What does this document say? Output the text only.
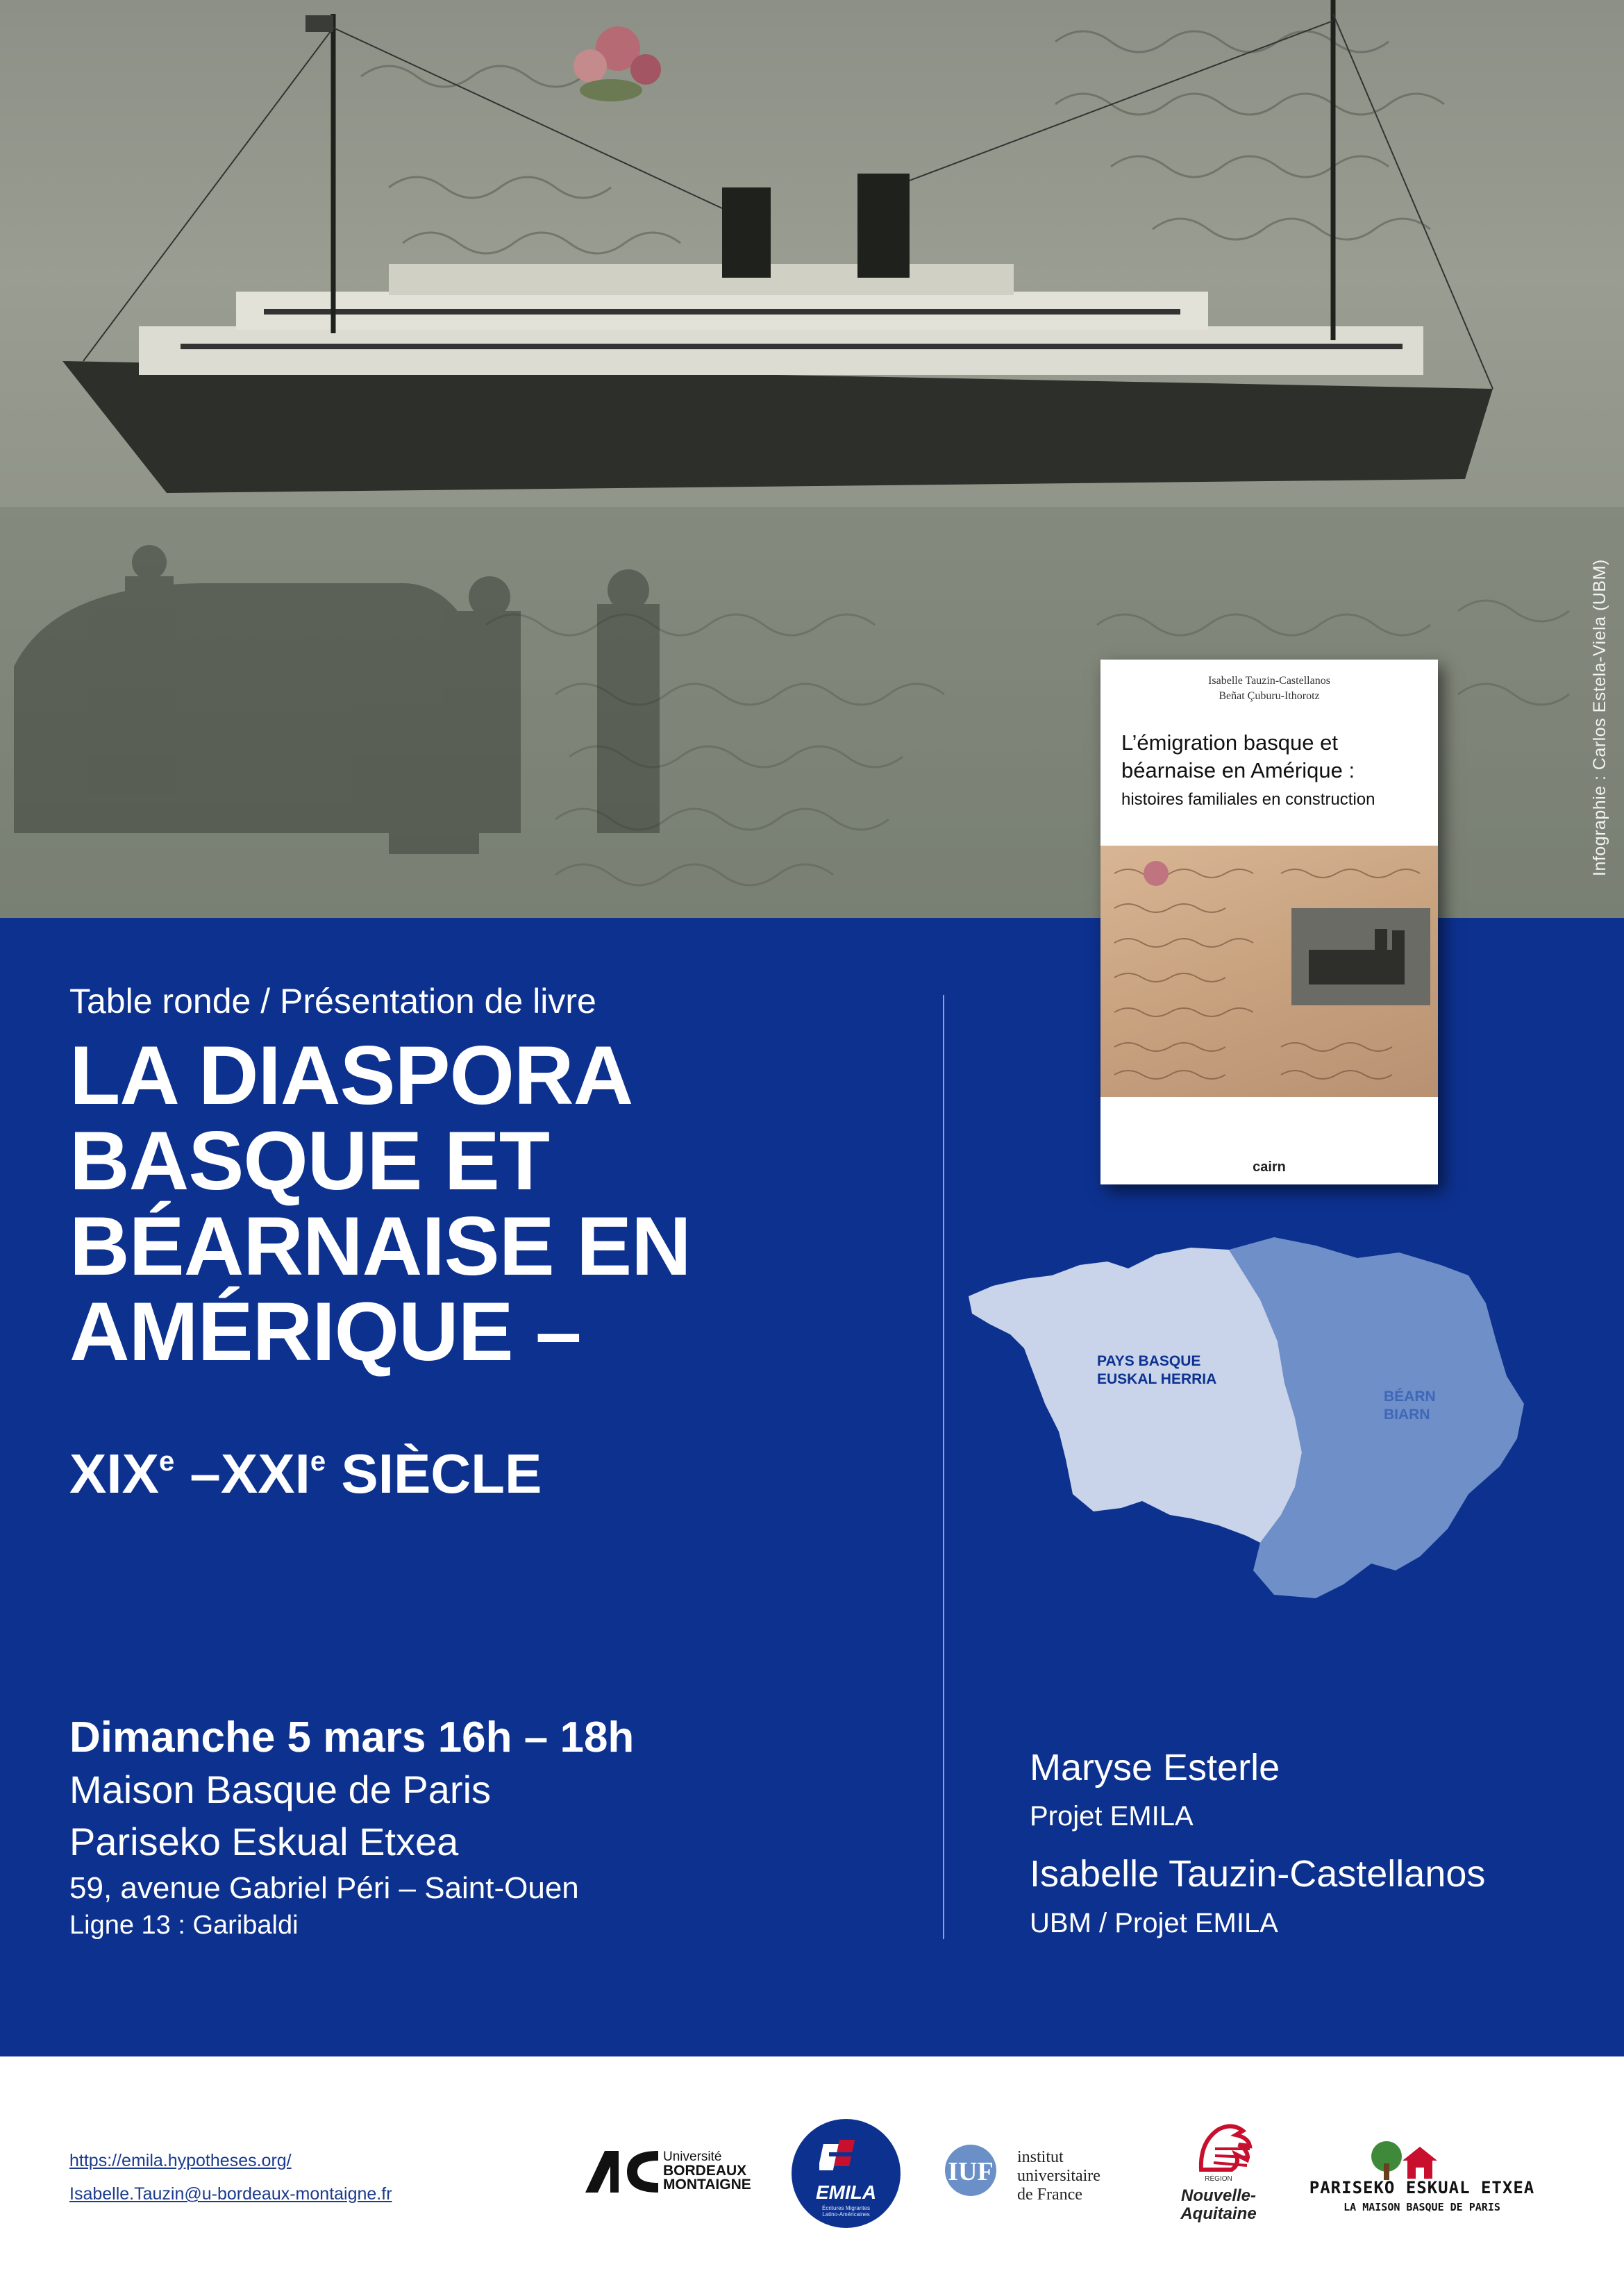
Infographie : Carlos Estela-Viela (UBM)
Table ronde / Présentation de livre
LA DIASPORA
BASQUE ET
BÉARNAISE EN
AMÉRIQUE –
XIXe –XXIe SIÈCLE
Dimanche 5 mars 16h – 18h
Maison Basque de Paris
Pariseko Eskual Etxea
59, avenue Gabriel Péri – Saint-Ouen
Ligne 13 : Garibaldi
Maryse Esterle
Projet EMILA
Isabelle Tauzin-Castellanos
UBM / Projet EMILA
Isabelle Tauzin-Castellanos
Beñat Çuburu-Ithorotz
L’émigration basque et
béarnaise en Amérique :
histoires familiales en construction
cairn
PAYS BASQUE
EUSKAL HERRIA
BÉARN
BIARN
https://emila.hypotheses.org/
Isabelle.Tauzin@u-bordeaux-montaigne.fr
Université
BORDEAUX
MONTAIGNE	EMILA
Écritures Migrantes
Latino-Américaines
IUF institut
universitaire
de France
RÉGION
Nouvelle-
Aquitaine
PARISEKO ESKUAL ETXEA
LA MAISON BASQUE DE PARIS
